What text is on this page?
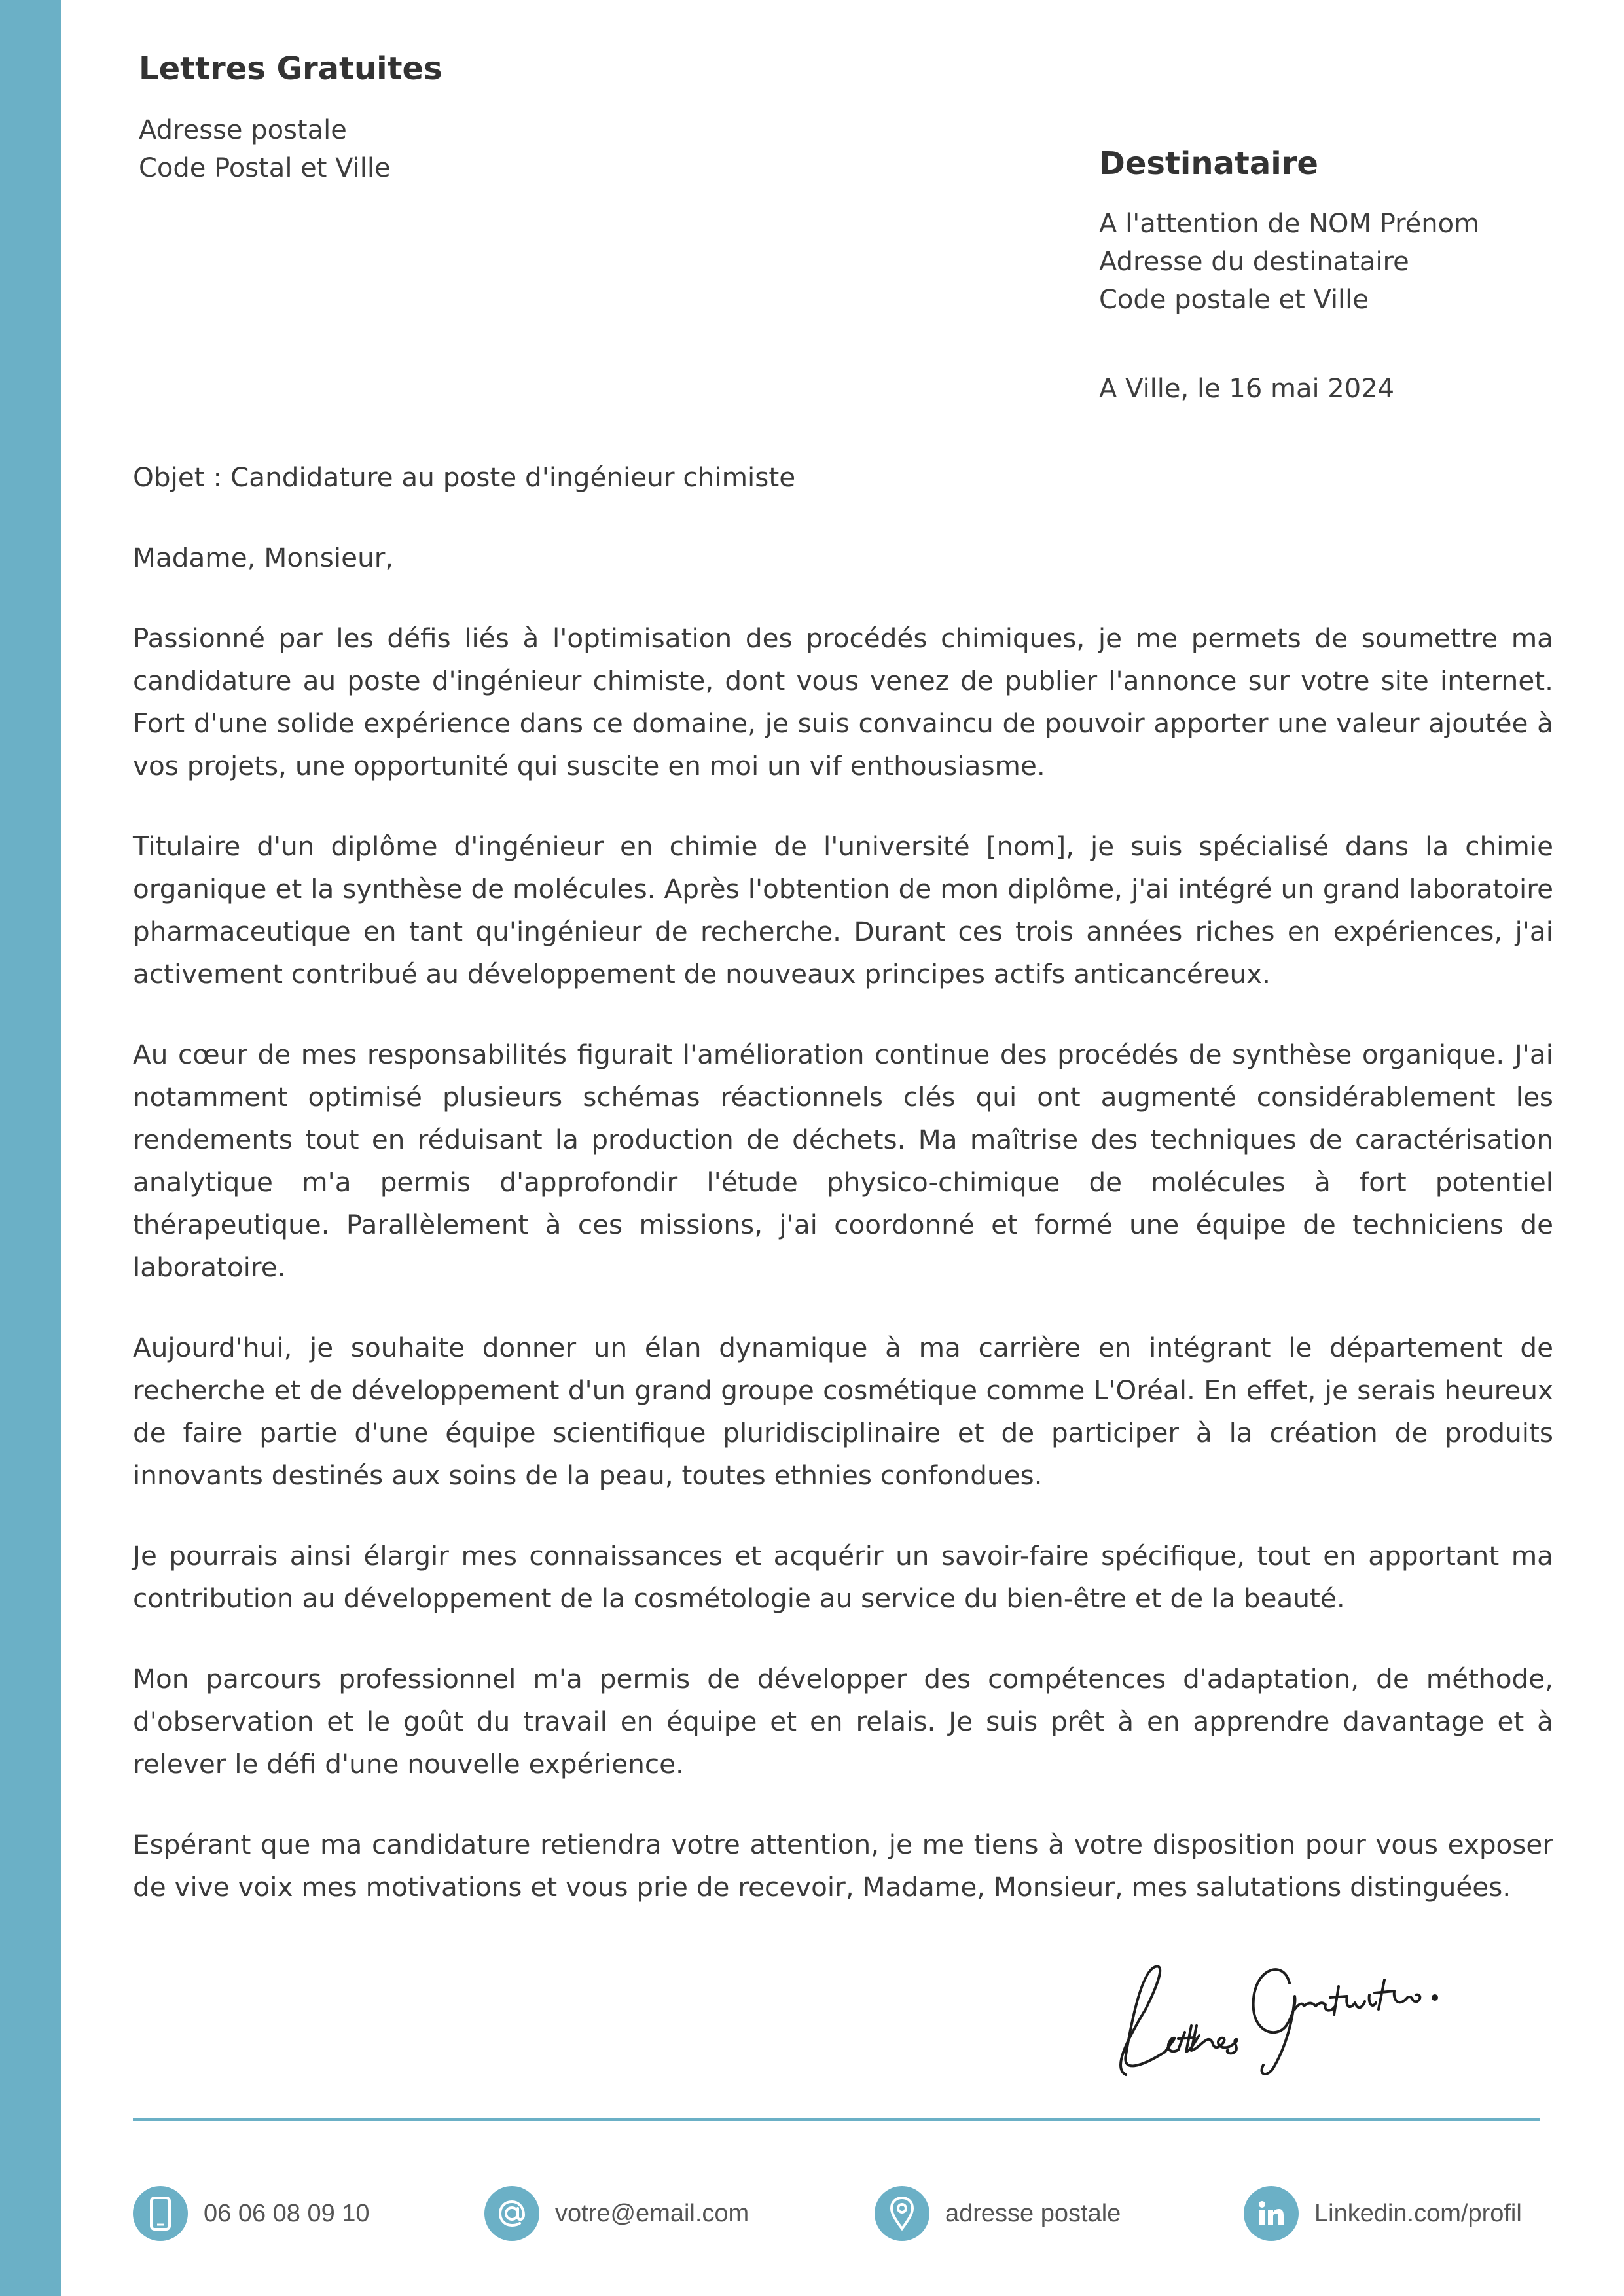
Lettres Gratuites
Adresse postale
Code Postal et Ville	Destinataire
A l'attention de NOM Prénom
Adresse du destinataire
Code postale et Ville
A Ville, le 16 mai 2024
Objet : Candidature au poste d'ingénieur chimiste
Madame, Monsieur,
Passionné par les défis liés à l'optimisation des procédés chimiques, je me permets de soumettre ma candidature au poste d'ingénieur chimiste, dont vous venez de publier l'annonce sur votre site internet. Fort d'une solide expérience dans ce domaine, je suis convaincu de pouvoir apporter une valeur ajoutée à vos projets, une opportunité qui suscite en moi un vif enthousiasme.
Titulaire d'un diplôme d'ingénieur en chimie de l'université [nom], je suis spécialisé dans la chimie organique et la synthèse de molécules. Après l'obtention de mon diplôme, j'ai intégré un grand laboratoire pharmaceutique en tant qu'ingénieur de recherche. Durant ces trois années riches en expériences, j'ai activement contribué au développement de nouveaux principes actifs anticancéreux.
Au cœur de mes responsabilités figurait l'amélioration continue des procédés de synthèse organique. J'ai notamment optimisé plusieurs schémas réactionnels clés qui ont augmenté considérablement les rendements tout en réduisant la production de déchets. Ma maîtrise des techniques de caractérisation analytique m'a permis d'approfondir l'étude physico-chimique de molécules à fort potentiel thérapeutique. Parallèlement à ces missions, j'ai coordonné et formé une équipe de techniciens de laboratoire.
Aujourd'hui, je souhaite donner un élan dynamique à ma carrière en intégrant le département de recherche et de développement d'un grand groupe cosmétique comme L'Oréal. En effet, je serais heureux de faire partie d'une équipe scientifique pluridisciplinaire et de participer à la création de produits innovants destinés aux soins de la peau, toutes ethnies confondues.
Je pourrais ainsi élargir mes connaissances et acquérir un savoir-faire spécifique, tout en apportant ma contribution au développement de la cosmétologie au service du bien-être et de la beauté.
Mon parcours professionnel m'a permis de développer des compétences d'adaptation, de méthode, d'observation et le goût du travail en équipe et en relais. Je suis prêt à en apprendre davantage et à relever le défi d'une nouvelle expérience.
Espérant que ma candidature retiendra votre attention, je me tiens à votre disposition pour vous exposer de vive voix mes motivations et vous prie de recevoir, Madame, Monsieur, mes salutations distinguées.
06 06 08 09 10	votre@email.com	adresse postale	Linkedin.com/profil
